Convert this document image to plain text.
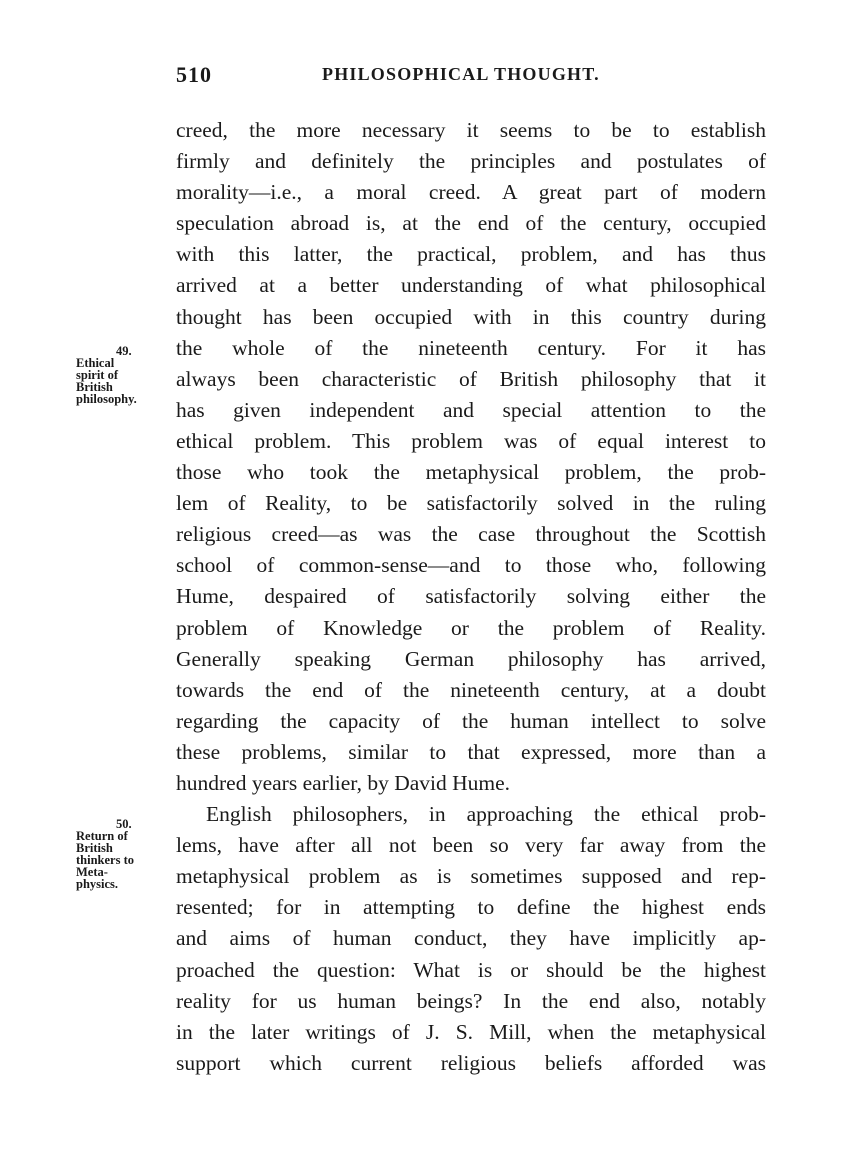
510	PHILOSOPHICAL THOUGHT.
49.
Ethical
spirit of
British
philosophy.
50.
Return of
British
thinkers to
Meta-
physics.
creed, the more necessary it seems to be to establish
firmly and definitely the principles and postulates of
morality—i.e., a moral creed. A great part of modern
speculation abroad is, at the end of the century, occupied
with this latter, the practical, problem, and has thus
arrived at a better understanding of what philosophical
thought has been occupied with in this country during
the whole of the nineteenth century. For it has
always been characteristic of British philosophy that it
has given independent and special attention to the
ethical problem. This problem was of equal interest to
those who took the metaphysical problem, the prob-
lem of Reality, to be satisfactorily solved in the ruling
religious creed—as was the case throughout the Scottish
school of common-sense—and to those who, following
Hume, despaired of satisfactorily solving either the
problem of Knowledge or the problem of Reality.
Generally speaking German philosophy has arrived,
towards the end of the nineteenth century, at a doubt
regarding the capacity of the human intellect to solve
these problems, similar to that expressed, more than a
hundred years earlier, by David Hume.
English philosophers, in approaching the ethical prob-
lems, have after all not been so very far away from the
metaphysical problem as is sometimes supposed and rep-
resented; for in attempting to define the highest ends
and aims of human conduct, they have implicitly ap-
proached the question: What is or should be the highest
reality for us human beings? In the end also, notably
in the later writings of J. S. Mill, when the metaphysical
support which current religious beliefs afforded was
